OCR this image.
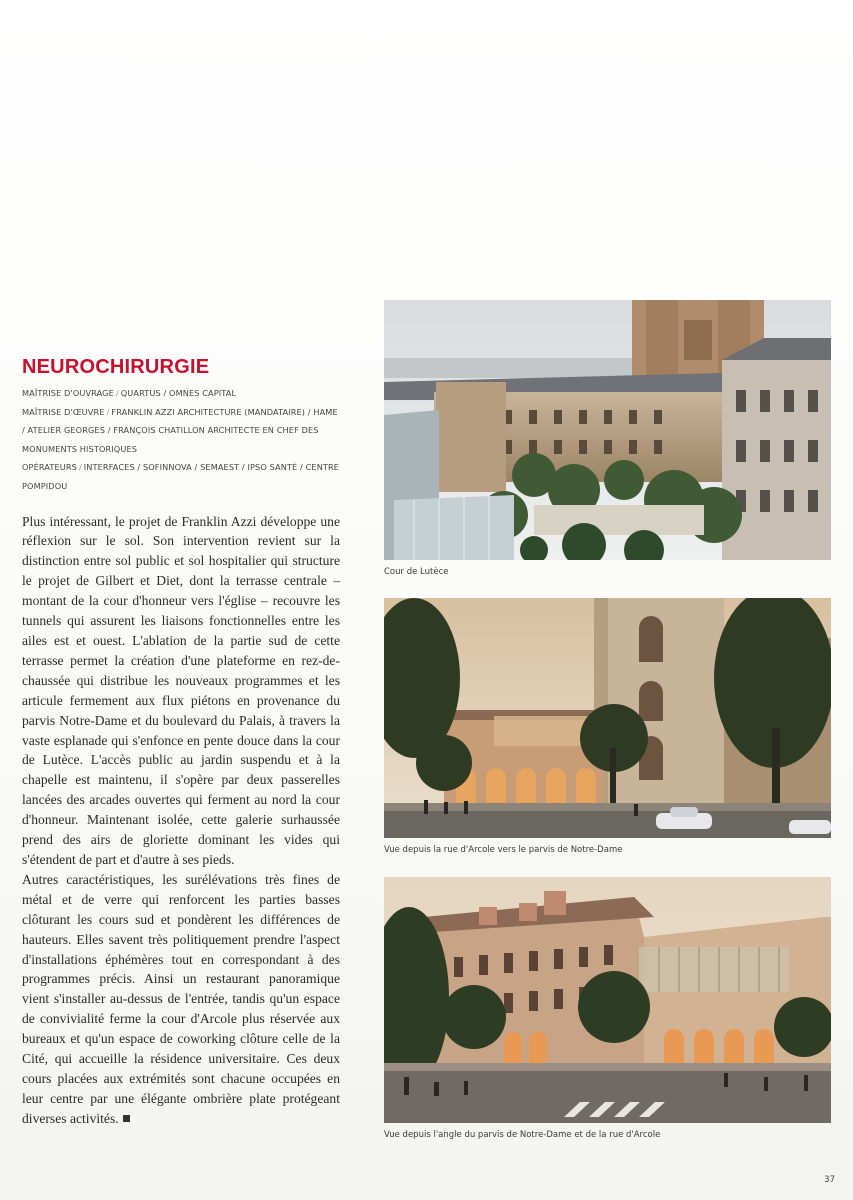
NEUROCHIRURGIE
MAÎTRISE D'OUVRAGE / QUARTUS / OMNES CAPITAL
MAÎTRISE D'ŒUVRE / FRANKLIN AZZI ARCHITECTURE (MANDATAIRE) / HAME / ATELIER GEORGES / FRANÇOIS CHATILLON ARCHITECTE EN CHEF DES MONUMENTS HISTORIQUES
OPÉRATEURS / INTERFACES / SOFINNOVA / SEMAEST / IPSO SANTÉ / CENTRE POMPIDOU

Plus intéressant, le projet de Franklin Azzi développe une réflexion sur le sol. Son intervention revient sur la distinction entre sol public et sol hospitalier qui structure le projet de Gilbert et Diet, dont la terrasse centrale – montant de la cour d'honneur vers l'église – recouvre les tunnels qui assurent les liaisons fonctionnelles entre les ailes est et ouest. L'ablation de la partie sud de cette terrasse permet la création d'une plateforme en rez-de-chaussée qui distribue les nouveaux programmes et les articule fermement aux flux piétons en provenance du parvis Notre-Dame et du boulevard du Palais, à travers la vaste esplanade qui s'enfonce en pente douce dans la cour de Lutèce. L'accès public au jardin suspendu et à la chapelle est maintenu, il s'opère par deux passerelles lancées des arcades ouvertes qui ferment au nord la cour d'honneur. Maintenant isolée, cette galerie surhaussée prend des airs de gloriette dominant les vides qui s'étendent de part et d'autre à ses pieds.

Autres caractéristiques, les surélévations très fines de métal et de verre qui renforcent les parties basses clôturant les cours sud et pondèrent les différences de hauteurs. Elles savent très politiquement prendre l'aspect d'installations éphémères tout en correspondant à des programmes précis. Ainsi un restaurant panoramique vient s'installer au-dessus de l'entrée, tandis qu'un espace de convivialité ferme la cour d'Arcole plus réservée aux bureaux et qu'un espace de coworking clôture celle de la Cité, qui accueille la résidence universitaire. Ces deux cours placées aux extrémités sont chacune occupées en leur centre par une élégante ombrière plate protégeant diverses activités.

Cour de Lutèce
Vue depuis la rue d'Arcole vers le parvis de Notre-Dame
Vue depuis l'angle du parvis de Notre-Dame et de la rue d'Arcole
37
